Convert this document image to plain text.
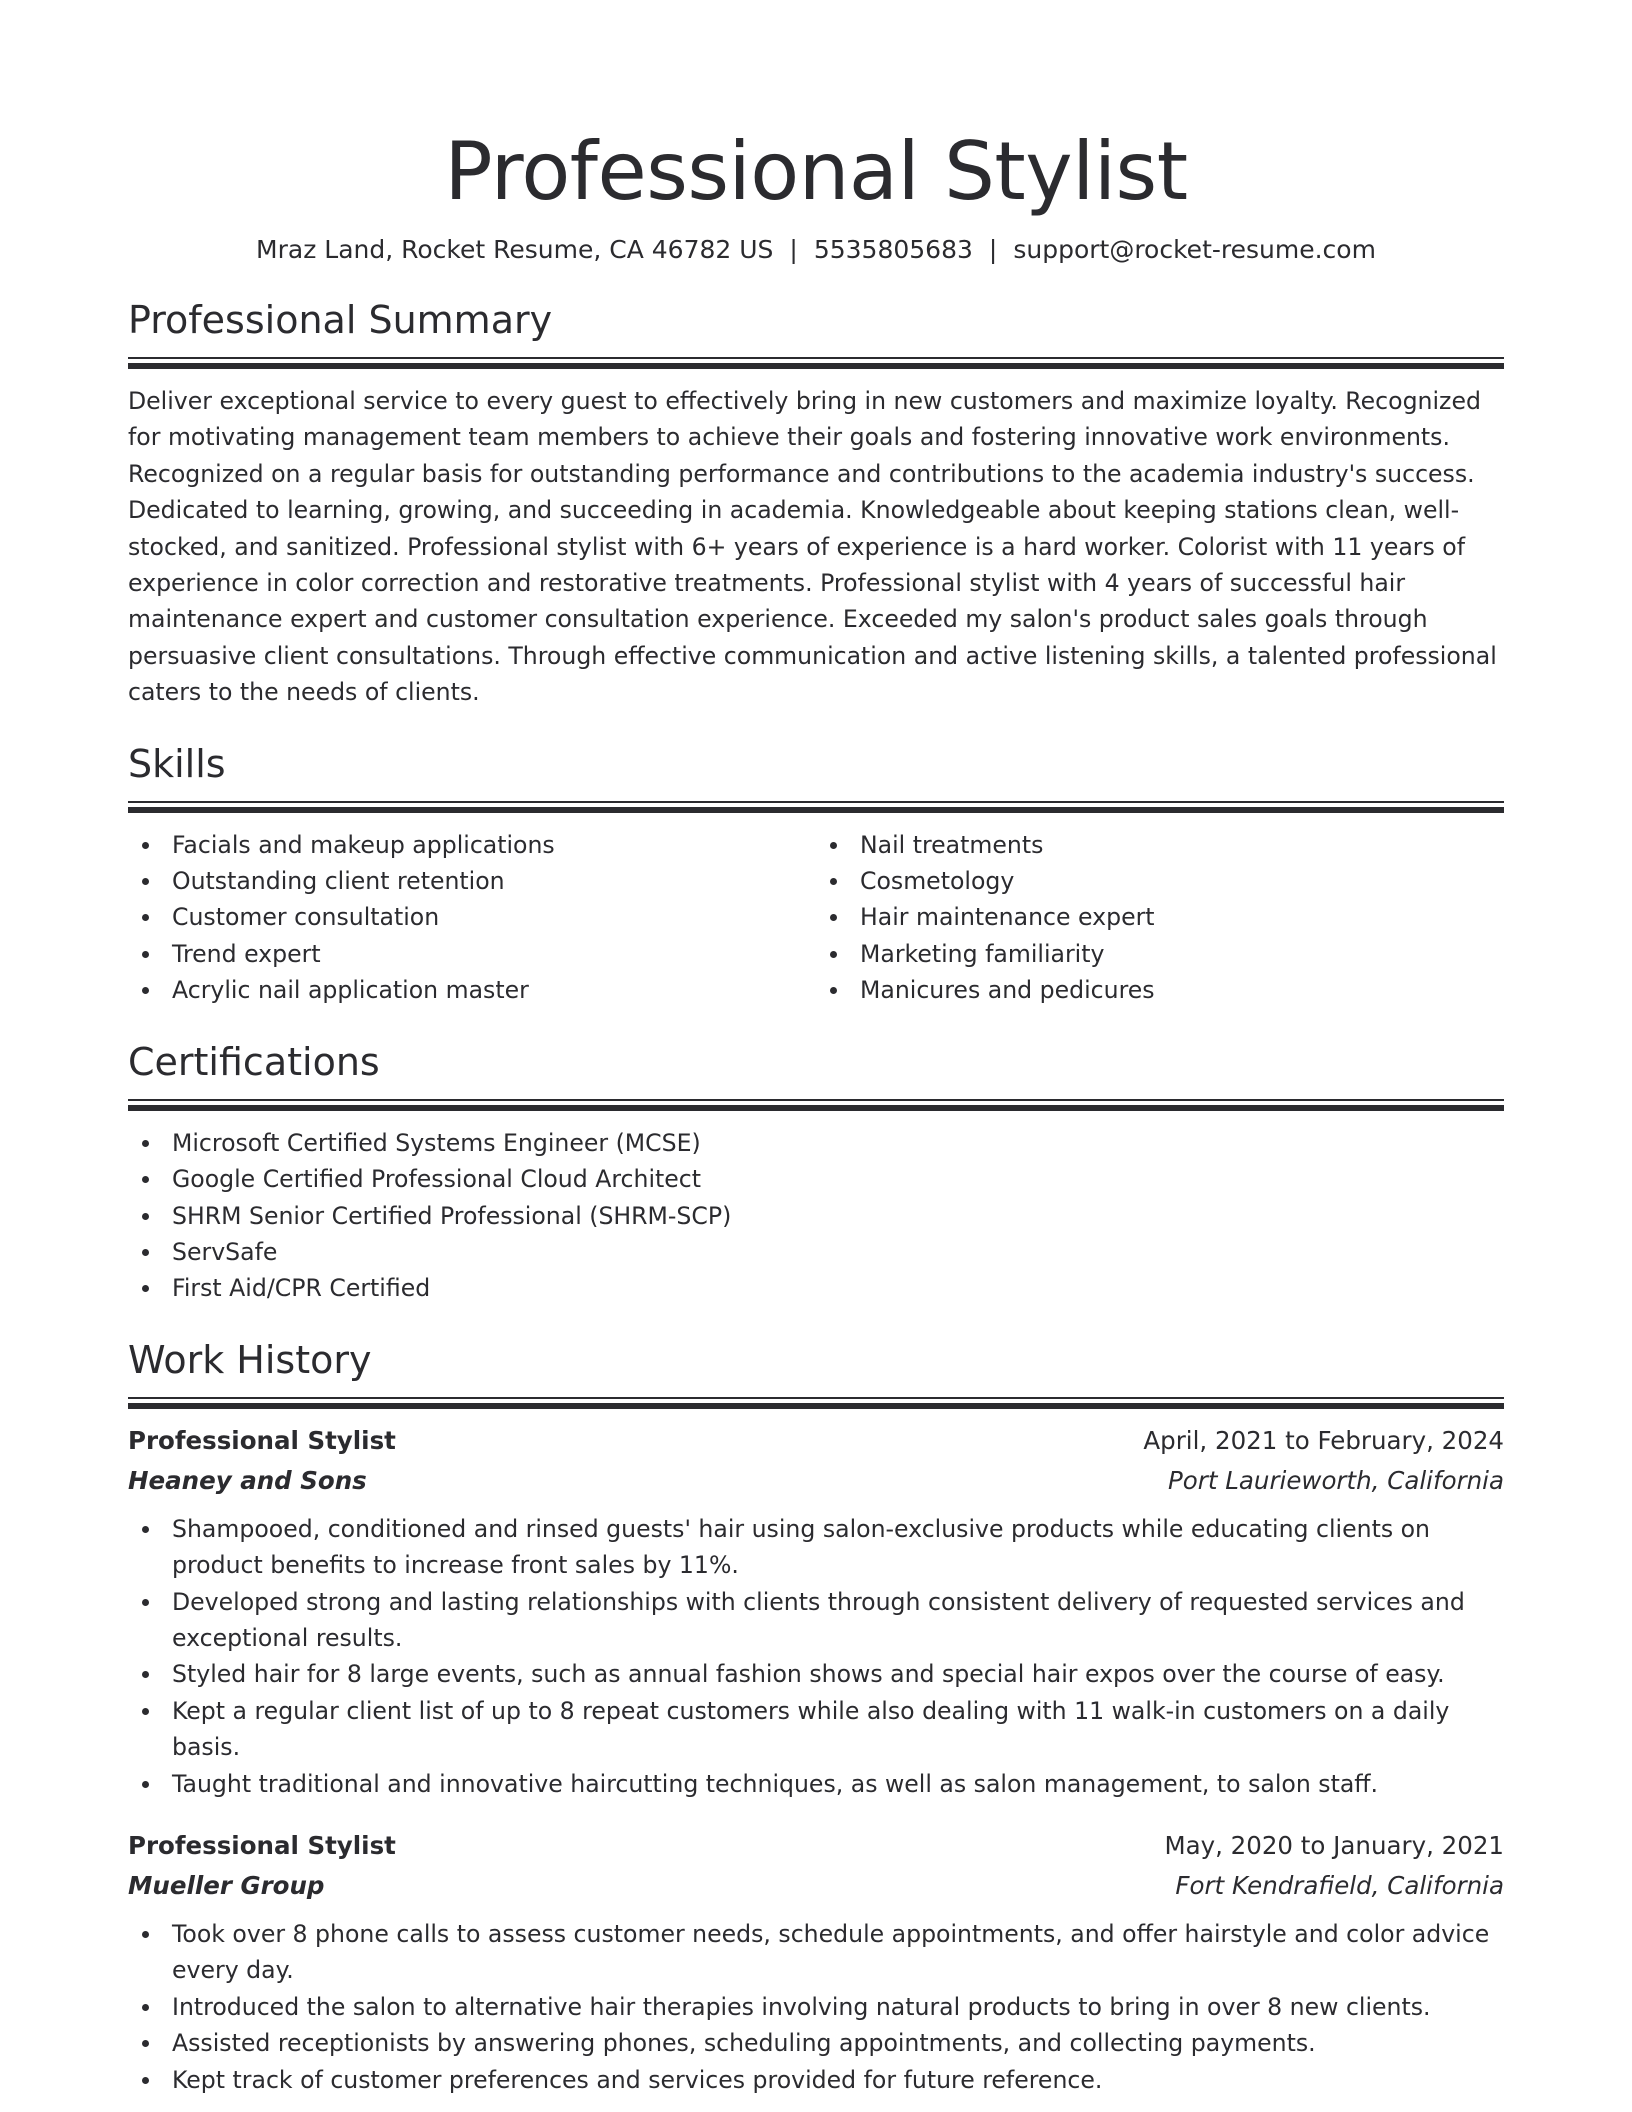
Professional Stylist
Mraz Land, Rocket Resume, CA 46782 US | 5535805683 | support@rocket-resume.com
Professional Summary
Deliver exceptional service to every guest to effectively bring in new customers and maximize loyalty. Recognized for motivating management team members to achieve their goals and fostering innovative work environments. Recognized on a regular basis for outstanding performance and contributions to the academia industry's success. Dedicated to learning, growing, and succeeding in academia. Knowledgeable about keeping stations clean, well-stocked, and sanitized. Professional stylist with 6+ years of experience is a hard worker. Colorist with 11 years of experience in color correction and restorative treatments. Professional stylist with 4 years of successful hair maintenance expert and customer consultation experience. Exceeded my salon's product sales goals through persuasive client consultations. Through effective communication and active listening skills, a talented professional caters to the needs of clients.
Skills
Facials and makeup applications
Outstanding client retention
Customer consultation
Trend expert
Acrylic nail application master
Nail treatments
Cosmetology
Hair maintenance expert
Marketing familiarity
Manicures and pedicures
Certifications
Microsoft Certified Systems Engineer (MCSE)
Google Certified Professional Cloud Architect
SHRM Senior Certified Professional (SHRM-SCP)
ServSafe
First Aid/CPR Certified
Work History
Professional Stylist	April, 2021 to February, 2024
Heaney and Sons	Port Laurieworth, California
Shampooed, conditioned and rinsed guests' hair using salon-exclusive products while educating clients on product benefits to increase front sales by 11%.
Developed strong and lasting relationships with clients through consistent delivery of requested services and exceptional results.
Styled hair for 8 large events, such as annual fashion shows and special hair expos over the course of easy.
Kept a regular client list of up to 8 repeat customers while also dealing with 11 walk-in customers on a daily basis.
Taught traditional and innovative haircutting techniques, as well as salon management, to salon staff.
Professional Stylist	May, 2020 to January, 2021
Mueller Group	Fort Kendrafield, California
Took over 8 phone calls to assess customer needs, schedule appointments, and offer hairstyle and color advice every day.
Introduced the salon to alternative hair therapies involving natural products to bring in over 8 new clients.
Assisted receptionists by answering phones, scheduling appointments, and collecting payments.
Kept track of customer preferences and services provided for future reference.
